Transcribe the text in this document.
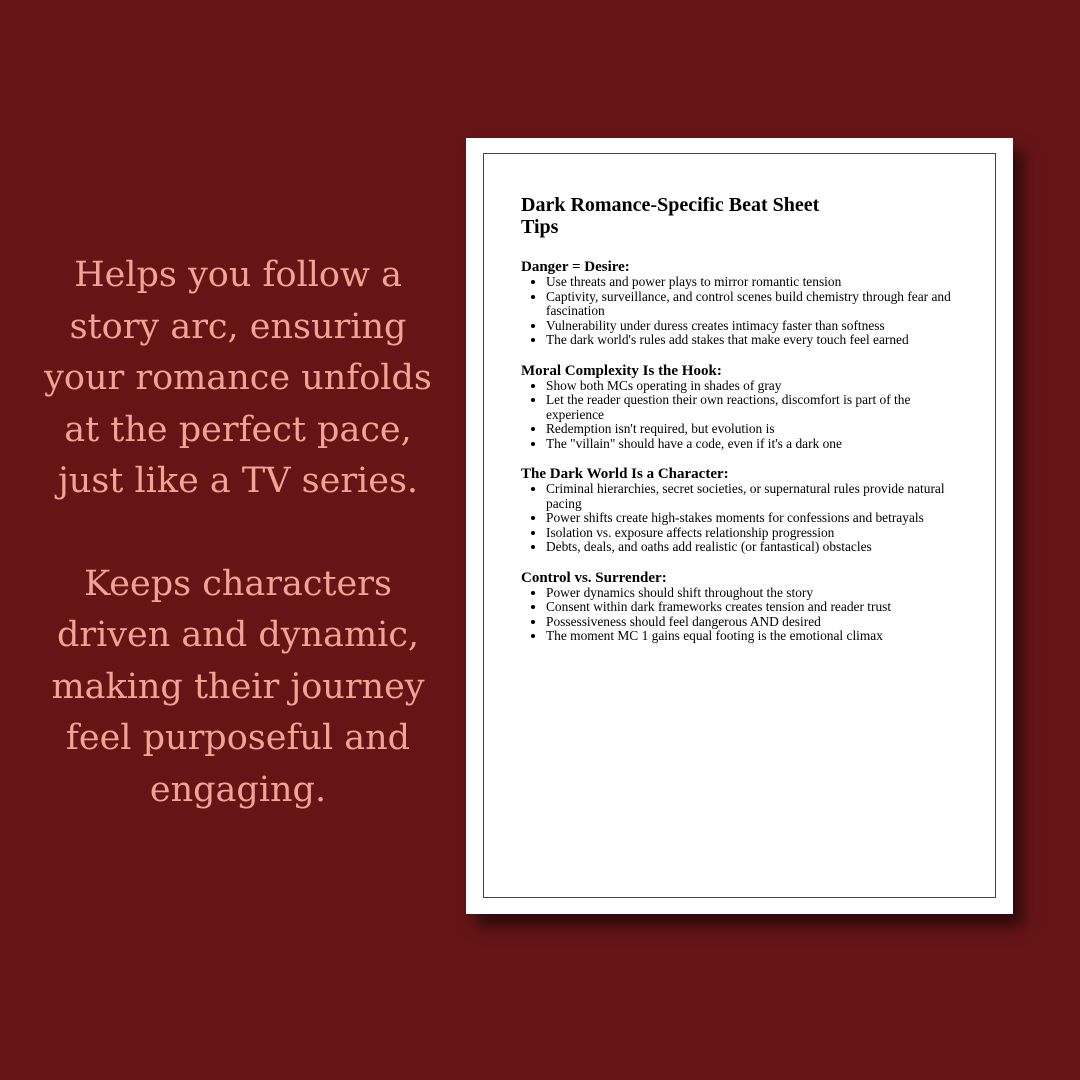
Helps you follow a story arc, ensuring your romance unfolds at the perfect pace, just like a TV series.

Keeps characters driven and dynamic, making their journey feel purposeful and engaging.

Dark Romance-Specific Beat Sheet Tips
Danger = Desire:
• Use threats and power plays to mirror romantic tension
• Captivity, surveillance, and control scenes build chemistry through fear and fascination
• Vulnerability under duress creates intimacy faster than softness
• The dark world's rules add stakes that make every touch feel earned
Moral Complexity Is the Hook:
• Show both MCs operating in shades of gray
• Let the reader question their own reactions, discomfort is part of the experience
• Redemption isn't required, but evolution is
• The "villain" should have a code, even if it's a dark one
The Dark World Is a Character:
• Criminal hierarchies, secret societies, or supernatural rules provide natural pacing
• Power shifts create high-stakes moments for confessions and betrayals
• Isolation vs. exposure affects relationship progression
• Debts, deals, and oaths add realistic (or fantastical) obstacles
Control vs. Surrender:
• Power dynamics should shift throughout the story
• Consent within dark frameworks creates tension and reader trust
• Possessiveness should feel dangerous AND desired
• The moment MC 1 gains equal footing is the emotional climax
